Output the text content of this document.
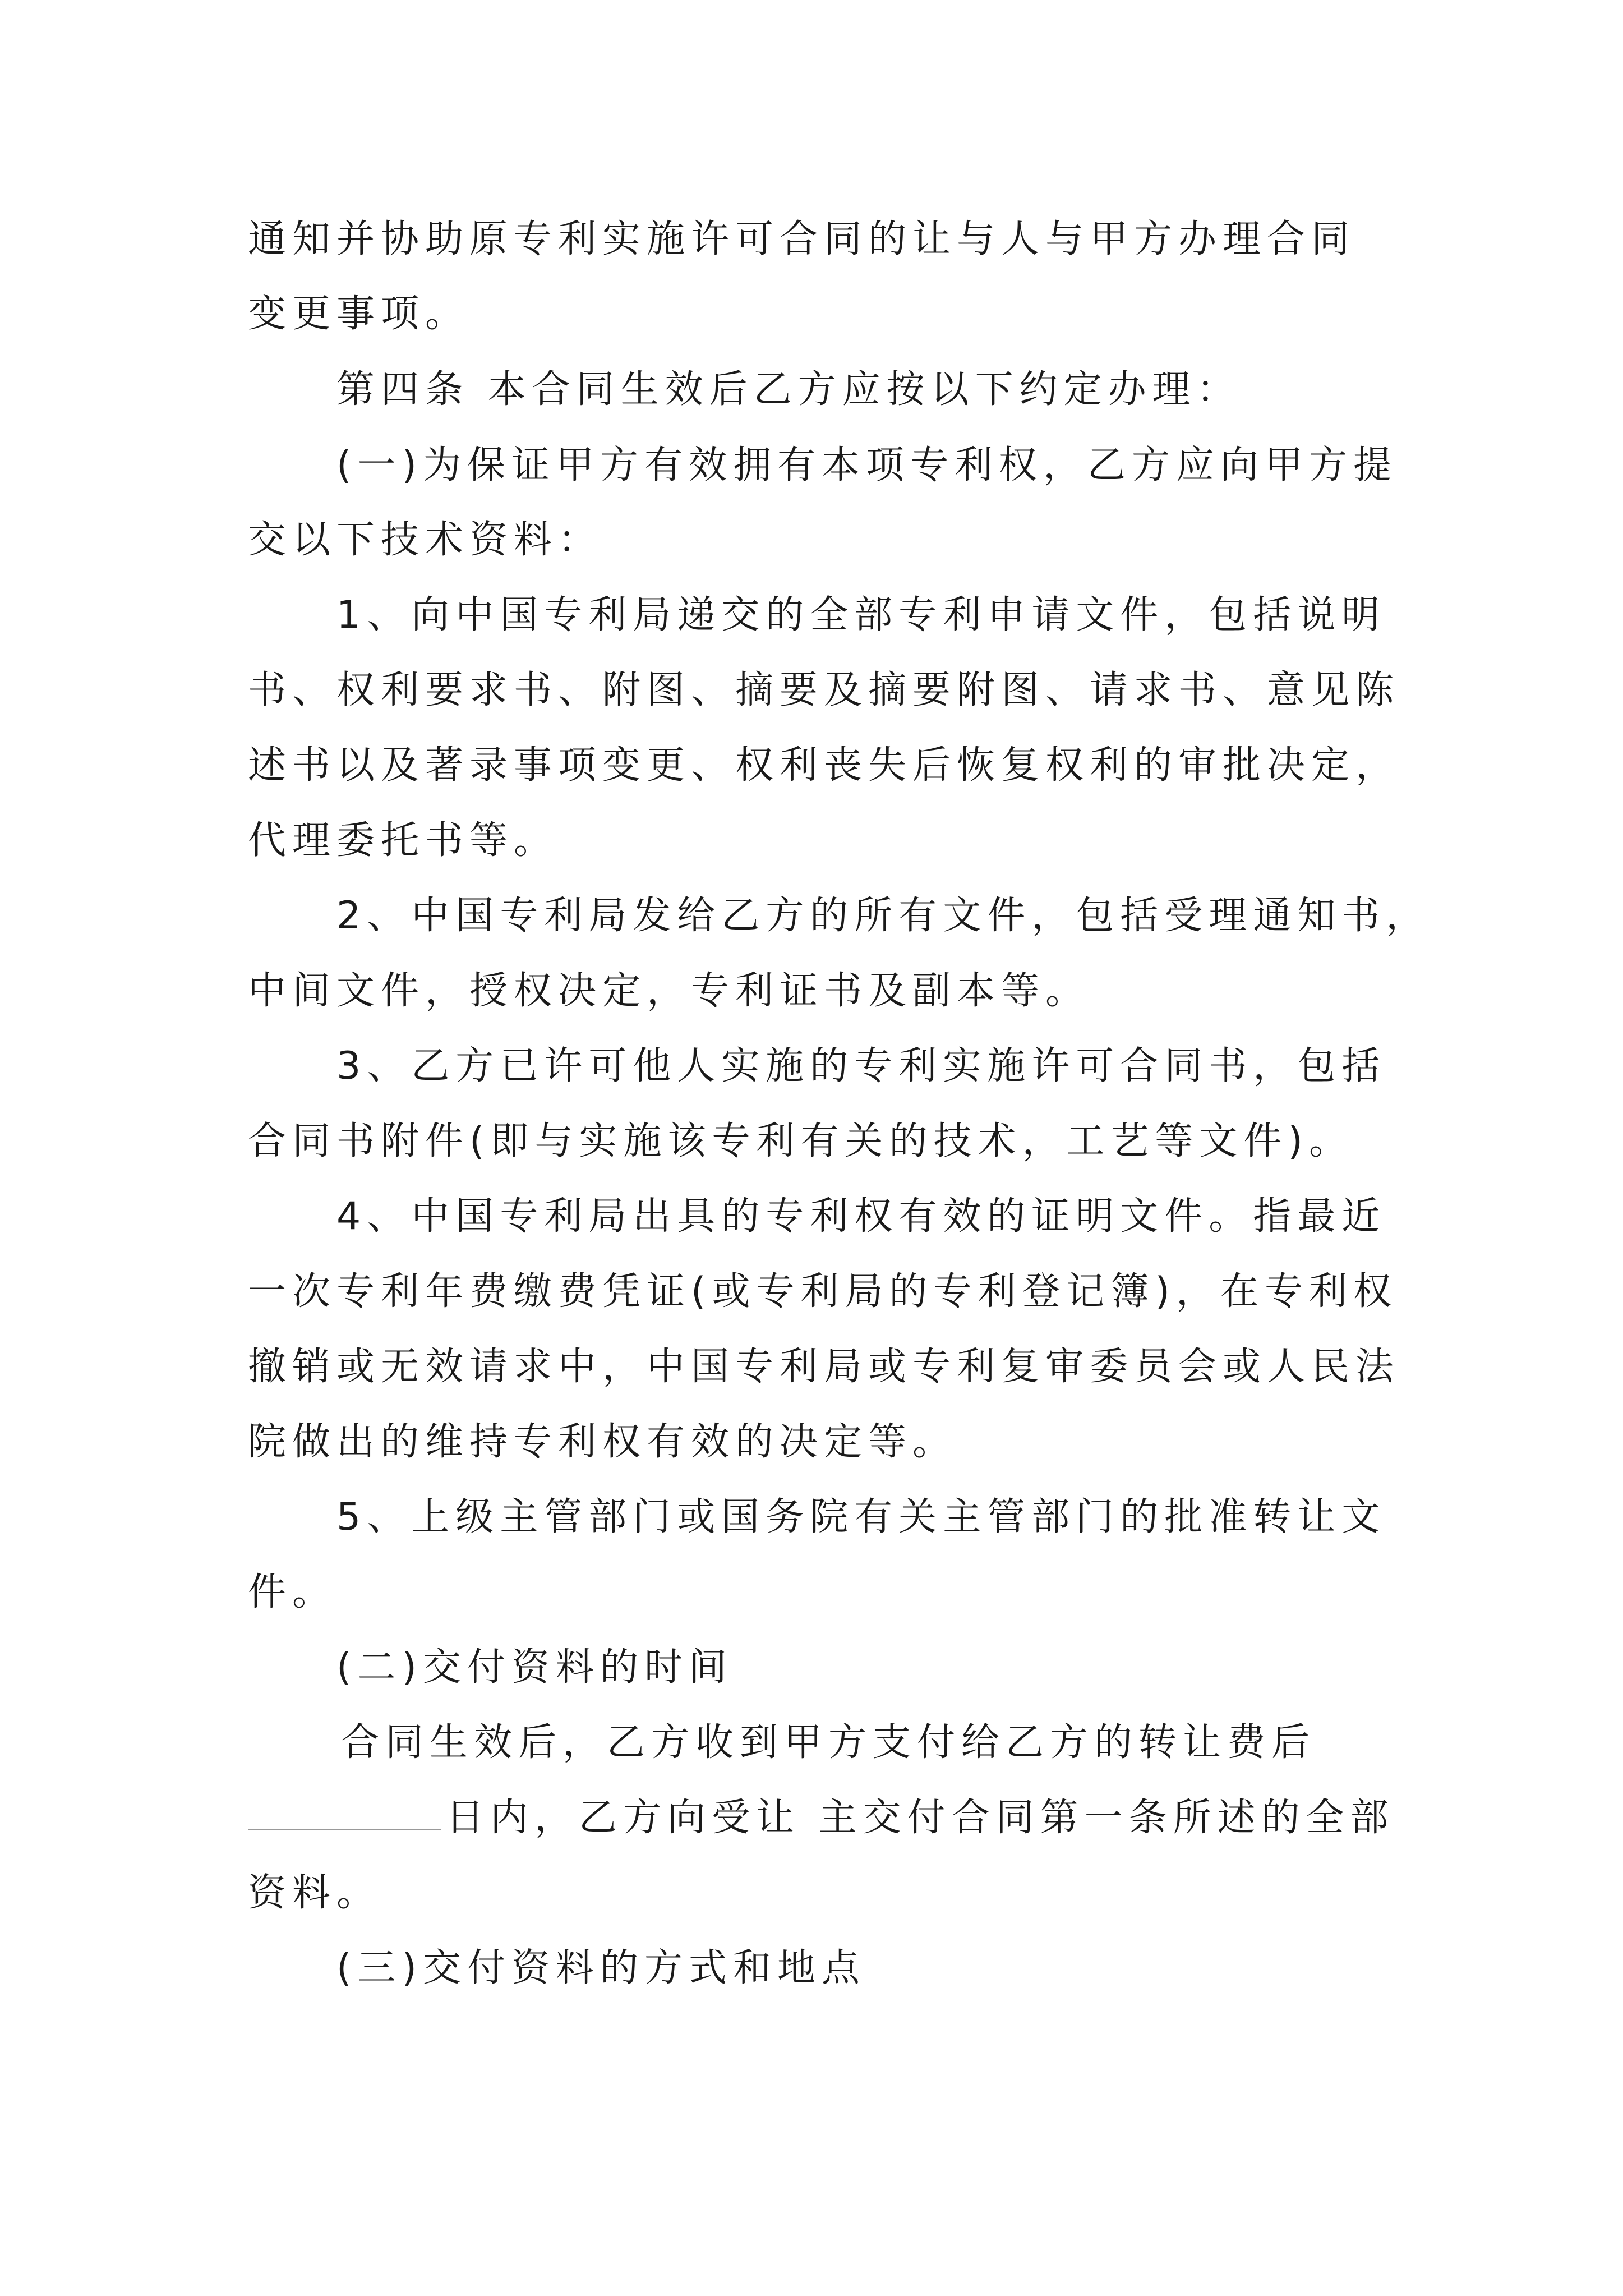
通知并协助原专利实施许可合同的让与人与甲方办理合同
变更事项。
第四条 本合同生效后乙方应按以下约定办理：
(一)为保证甲方有效拥有本项专利权，乙方应向甲方提
交以下技术资料：
1、向中国专利局递交的全部专利申请文件，包括说明
书、权利要求书、附图、摘要及摘要附图、请求书、意见陈
述书以及著录事项变更、权利丧失后恢复权利的审批决定，
代理委托书等。
2、中国专利局发给乙方的所有文件，包括受理通知书，
中间文件，授权决定，专利证书及副本等。
3、乙方已许可他人实施的专利实施许可合同书，包括
合同书附件(即与实施该专利有关的技术，工艺等文件)。
4、中国专利局出具的专利权有效的证明文件。指最近
一次专利年费缴费凭证(或专利局的专利登记簿)，在专利权
撤销或无效请求中，中国专利局或专利复审委员会或人民法
院做出的维持专利权有效的决定等。
5、上级主管部门或国务院有关主管部门的批准转让文
件。
(二)交付资料的时间
合同生效后，乙方收到甲方支付给乙方的转让费后
日内，乙方向受让 主交付合同第一条所述的全部
资料。
(三)交付资料的方式和地点
